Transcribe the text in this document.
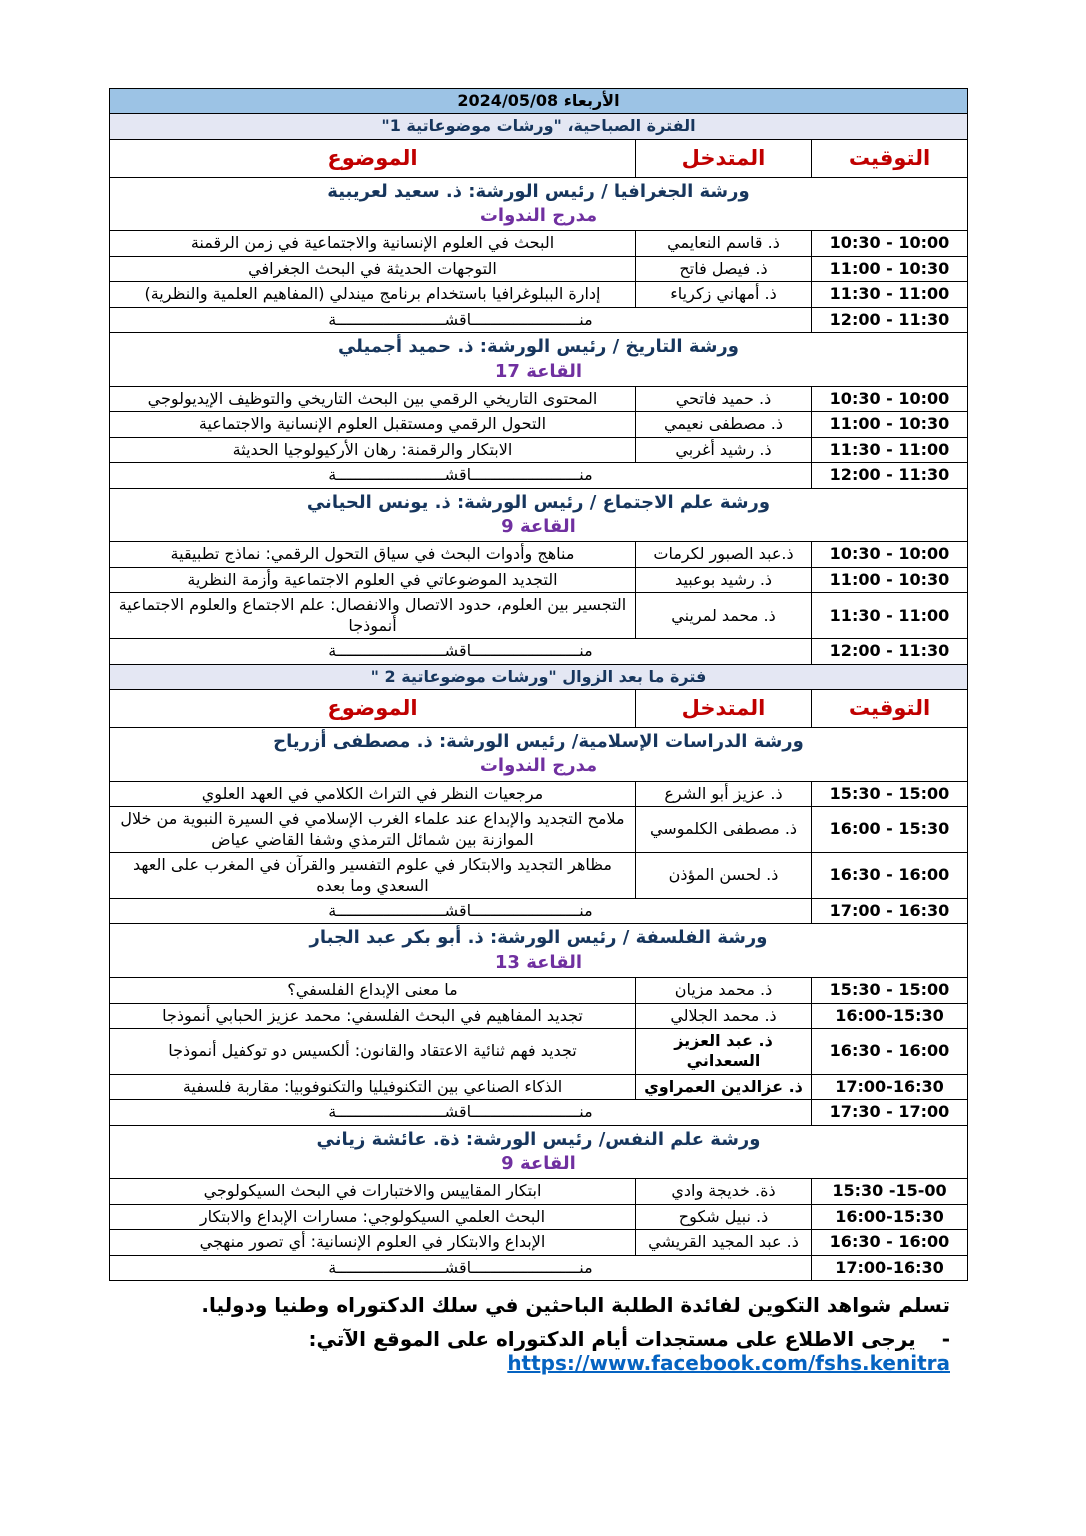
الأربعاء 2024/05/08		
الفترة الصباحية، "ورشات موضوعاتية 1"		
التوقيت	المتدخل	الموضوع

ورشة الجغرافيا / رئيس الورشة: ذ. سعيد لعريبية
مدرج الندوات		

10:30 - 10:00	ذ. قاسم النعايمي	البحث في العلوم الإنسانية والاجتماعية في زمن الرقمنة
11:00 - 10:30	ذ. فيصل فاتح	التوجهات الحديثة في البحث الجغرافي
11:30 - 11:00	ذ. أمهاني زكرياء	إدارة الببلوغرافيا باستخدام برنامج ميندلي (المفاهيم العلمية والنظرية)
12:00 - 11:30	منـــــــــــــــــــــــاقشـــــــــــــــــــــــة	

ورشة التاريخ / رئيس الورشة: ذ. حميد أجميلي
القاعة 17		

10:30 - 10:00	ذ. حميد فاتحي	المحتوى التاريخي الرقمي بين البحث التاريخي والتوظيف الإيديولوجي
11:00 - 10:30	ذ. مصطفى نعيمي	التحول الرقمي ومستقبل العلوم الإنسانية والاجتماعية
11:30 - 11:00	ذ. رشيد أغربي	الابتكار والرقمنة: رهان الأركيولوجيا الحديثة
12:00 - 11:30	منـــــــــــــــــــــــاقشـــــــــــــــــــــــة	

ورشة علم الاجتماع / رئيس الورشة: ذ. يونس الحياني
القاعة 9		

10:30 - 10:00	ذ.عبد الصبور لكرمات	مناهج وأدوات البحث في سياق التحول الرقمي: نماذج تطبيقية
11:00 - 10:30	ذ. رشيد بوعبيد	التجديد الموضوعاتي في العلوم الاجتماعية وأزمة النظرية
11:30 - 11:00	ذ. محمد لمريني	التجسير بين العلوم، حدود الاتصال والانفصال: علم الاجتماع والعلوم الاجتماعية أنموذجا
12:00 - 11:30	منـــــــــــــــــــــــاقشـــــــــــــــــــــــة	
فترة ما بعد الزوال "ورشات موضوعاتية 2 "		
التوقيت	المتدخل	الموضوع

ورشة الدراسات الإسلامية/ رئيس الورشة: ذ. مصطفى أزرياح
مدرج الندوات		

15:30 - 15:00	ذ. عزيز أبو الشرع	مرجعيات النظر في التراث الكلامي في العهد العلوي
16:00 - 15:30	ذ. مصطفى الكلموسي	ملامح التجديد والإبداع عند علماء الغرب الإسلامي في السيرة النبوية من خلال الموازنة بين شمائل الترمذي وشفا القاضي عياض
16:30 - 16:00	ذ. لحسن المؤذن	مظاهر التجديد والابتكار في علوم التفسير والقرآن في المغرب على العهد السعدي وما بعده
17:00 - 16:30	منـــــــــــــــــــــــاقشـــــــــــــــــــــــة	

ورشة الفلسفة / رئيس الورشة: ذ. أبو بكر عبد الجبار
القاعة 13		

15:30 - 15:00	ذ. محمد مزيان	ما معنى الإبداع الفلسفي؟
16:00-15:30	ذ. محمد الجلالي	تجديد المفاهيم في البحث الفلسفي: محمد عزيز الحبابي أنموذجا
16:30 - 16:00	ذ. عبد العزيز السعداني	تجديد فهم ثنائية الاعتقاد والقانون: ألكسيس دو توكفيل أنموذجا
17:00-16:30	ذ. عزالدين العمراوي	الذكاء الصناعي بين التكنوفيليا والتكنوفوبيا: مقاربة فلسفية
17:30 - 17:00	منـــــــــــــــــــــــاقشـــــــــــــــــــــــة	

ورشة علم النفس/ رئيس الورشة: ذة. عائشة زياني
القاعة 9		

15:30 -15-00	ذة. خديجة وادي	ابتكار المقاييس والاختبارات في البحث السيكولوجي
16:00-15:30	ذ. نبيل شكوح	البحث العلمي السيكولوجي: مسارات الإبداع والابتكار
16:30 - 16:00	ذ. عبد المجيد القريشي	الإبداع والابتكار في العلوم الإنسانية: أي تصور منهجي
17:00-16:30	منـــــــــــــــــــــــاقشـــــــــــــــــــــــة	
تسلم شواهد التكوين لفائدة الطلبة الباحثين في سلك الدكتوراه وطنيا ودوليا.
-يرجى الاطلاع على مستجدات أيام الدكتوراه على الموقع الآتي: https://www.facebook.com/fshs.kenitra
